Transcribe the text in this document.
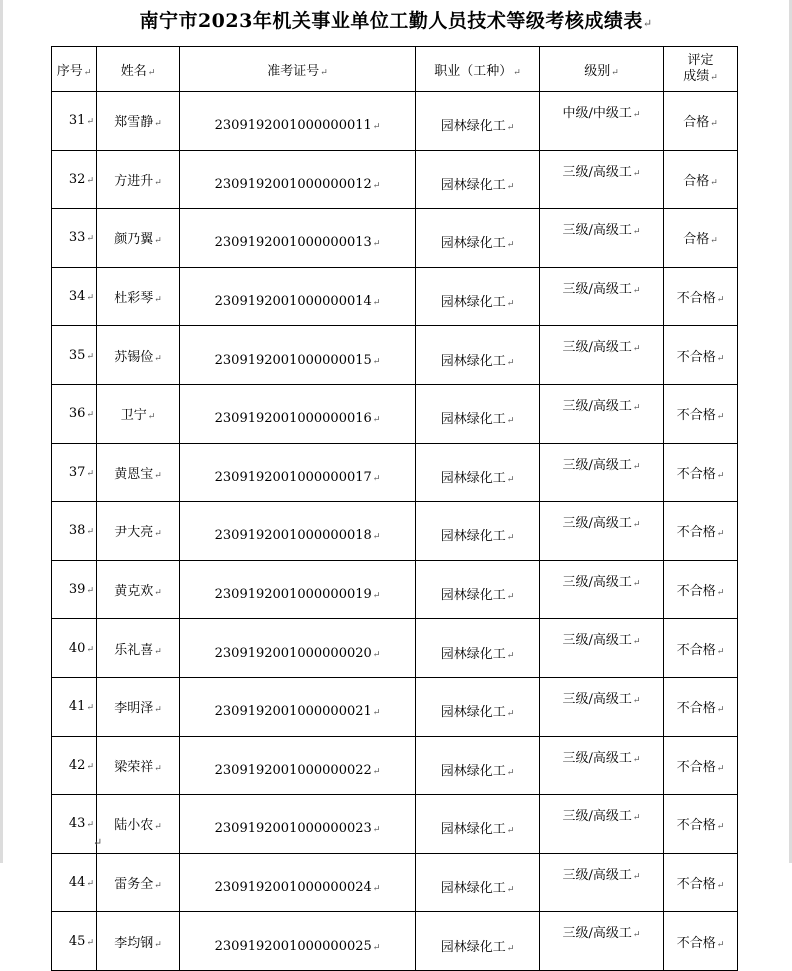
南宁市2023年机关事业单位工勤人员技术等级考核成绩表↵
序号↵	姓名↵	准考证号↵	职业（工种）↵	级别↵	评定
成绩↵

31↵	郑雪静↵	2309192001000000011↵	园林绿化工↵	中级/中级工↵	合格↵
32↵	方进升↵	2309192001000000012↵	园林绿化工↵	三级/高级工↵	合格↵
33↵	颜乃翼↵	2309192001000000013↵	园林绿化工↵	三级/高级工↵	合格↵
34↵	杜彩琴↵	2309192001000000014↵	园林绿化工↵	三级/高级工↵	不合格↵
35↵	苏锡俭↵	2309192001000000015↵	园林绿化工↵	三级/高级工↵	不合格↵
36↵	卫宁↵	2309192001000000016↵	园林绿化工↵	三级/高级工↵	不合格↵
37↵	黄恩宝↵	2309192001000000017↵	园林绿化工↵	三级/高级工↵	不合格↵
38↵	尹大亮↵	2309192001000000018↵	园林绿化工↵	三级/高级工↵	不合格↵
39↵	黄克欢↵	2309192001000000019↵	园林绿化工↵	三级/高级工↵	不合格↵
40↵	乐礼喜↵	2309192001000000020↵	园林绿化工↵	三级/高级工↵	不合格↵
41↵	李明泽↵	2309192001000000021↵	园林绿化工↵	三级/高级工↵	不合格↵
42↵	梁荣祥↵	2309192001000000022↵	园林绿化工↵	三级/高级工↵	不合格↵
43↵	陆小农↵	2309192001000000023↵	园林绿化工↵	三级/高级工↵	不合格↵
44↵	雷务全↵	2309192001000000024↵	园林绿化工↵	三级/高级工↵	不合格↵
45↵	李均钢↵	2309192001000000025↵	园林绿化工↵	三级/高级工↵	不合格↵
↵
